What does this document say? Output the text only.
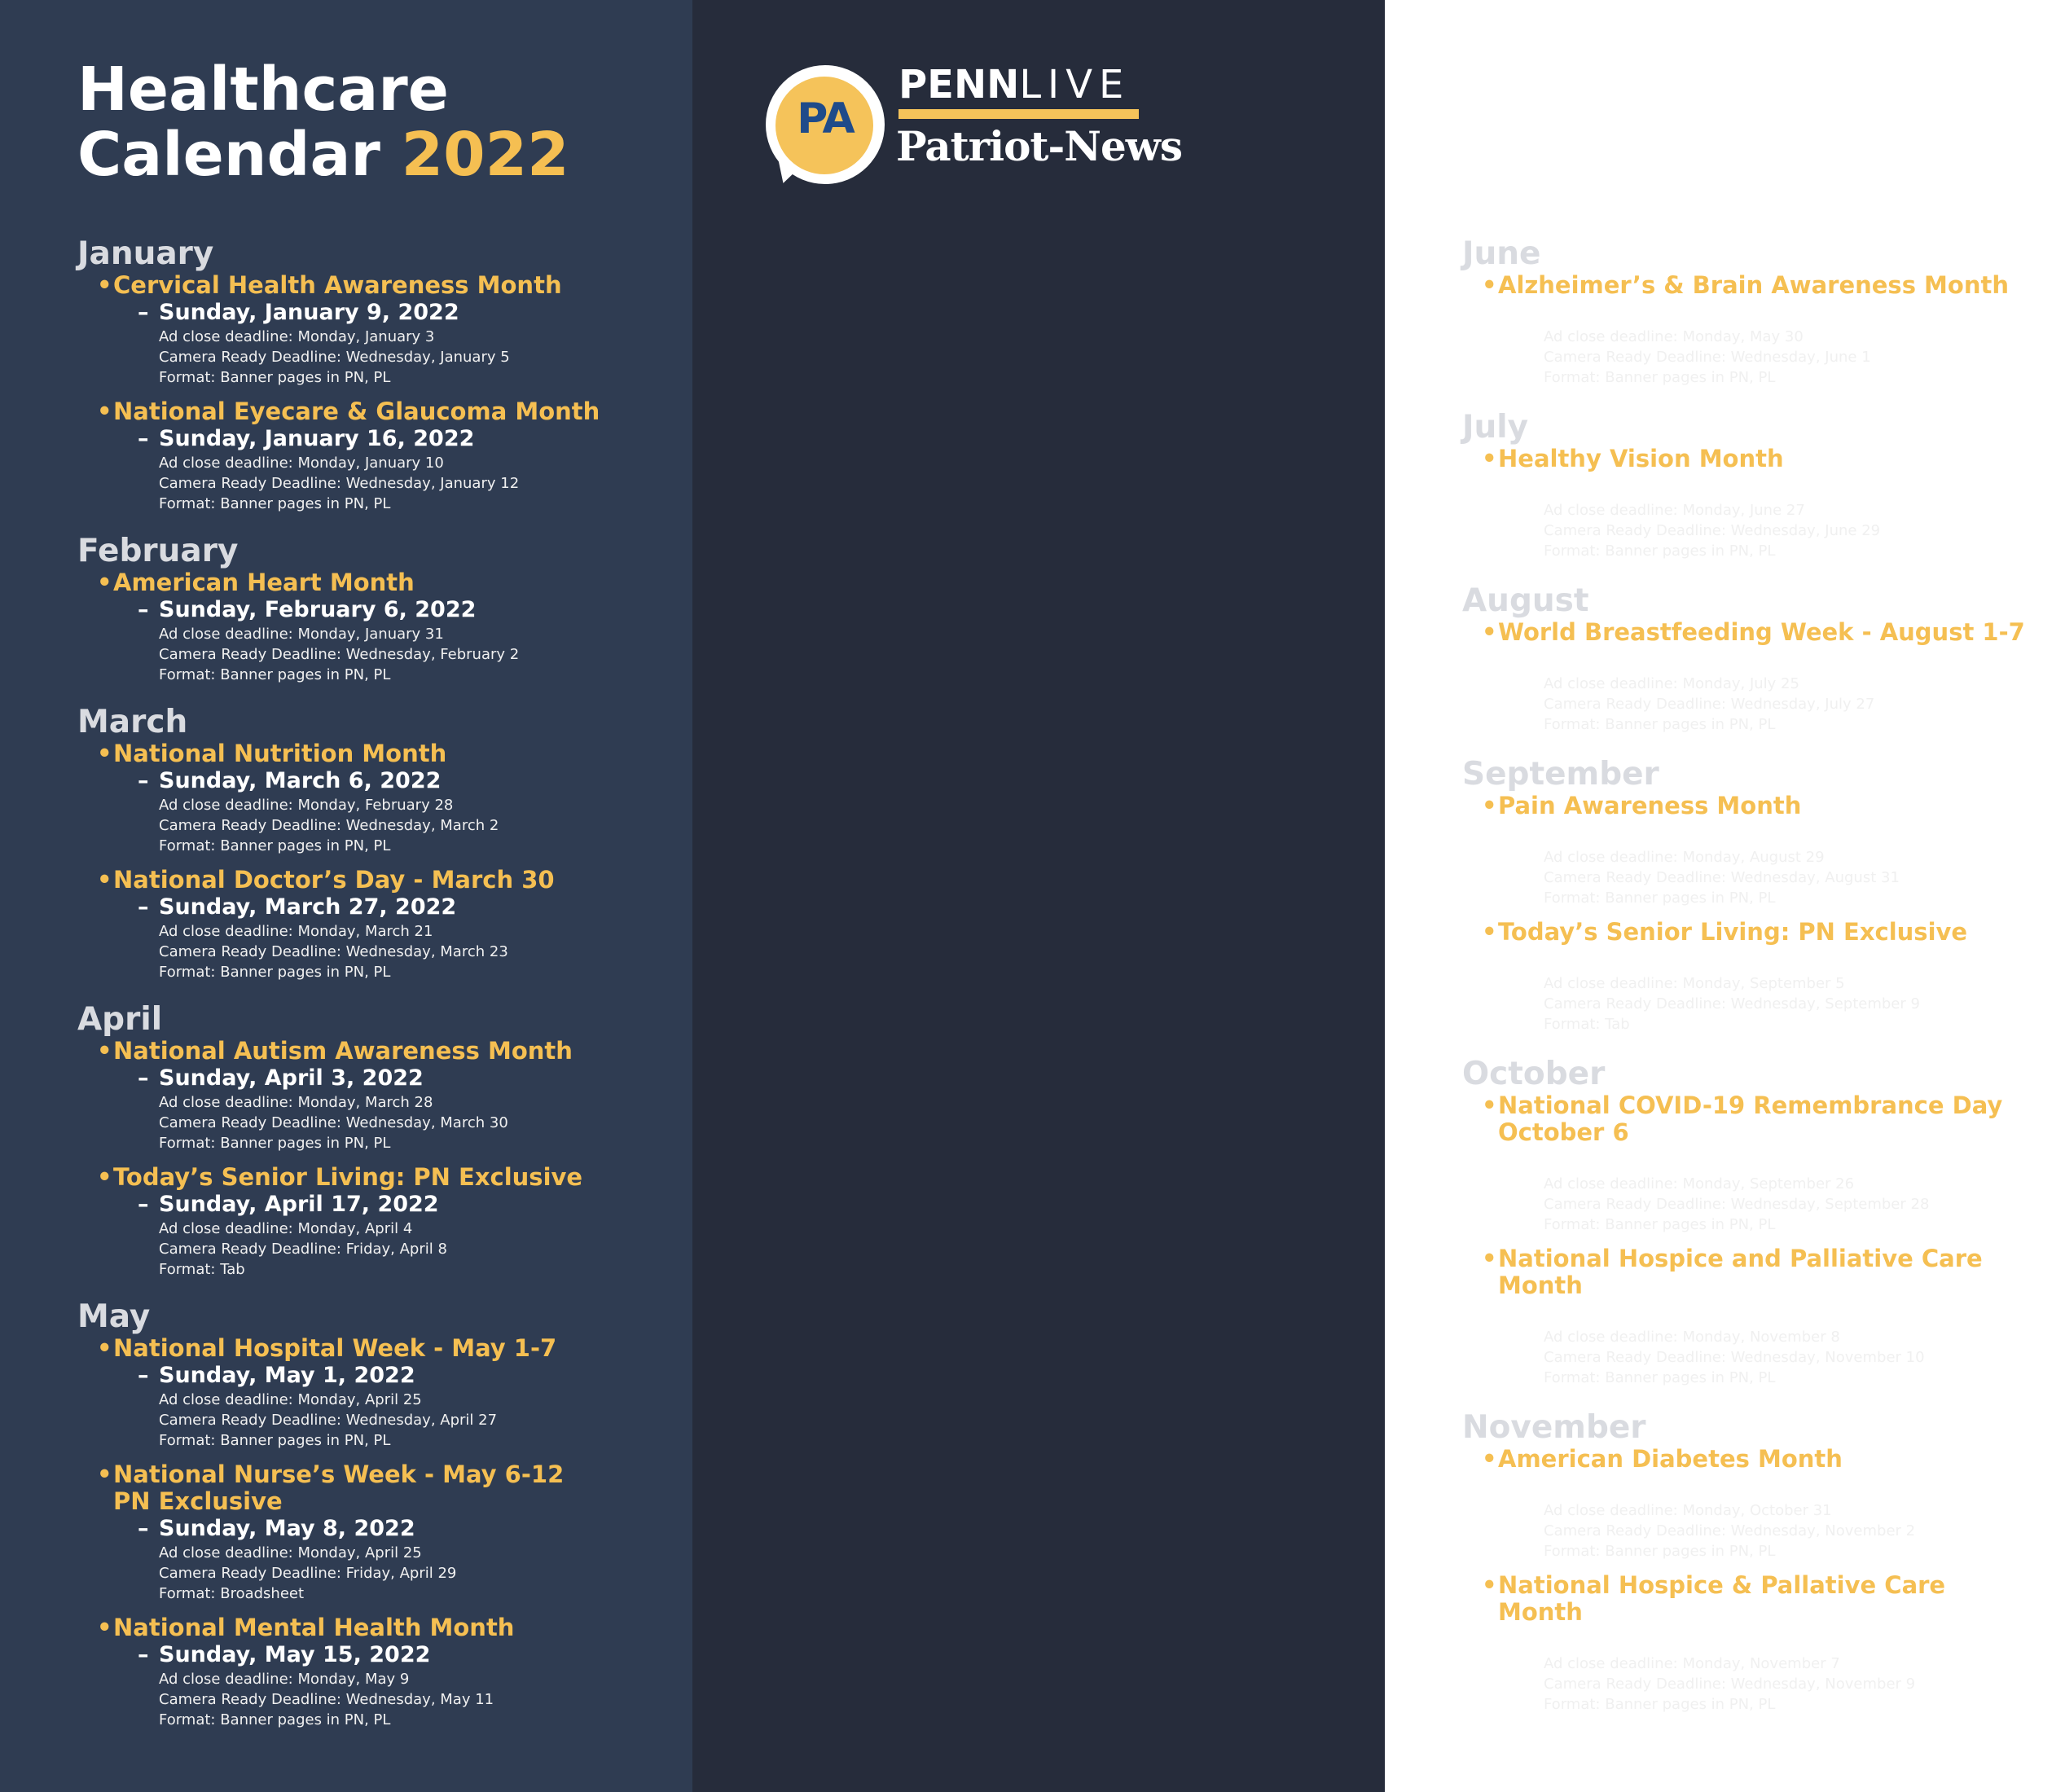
Healthcare
Calendar 2022
January
• Cervical Health Awareness Month
– Sunday, January 9, 2022
Ad close deadline: Monday, January 3
Camera Ready Deadline: Wednesday, January 5
Format: Banner pages in PN, PL
• National Eyecare & Glaucoma Month
– Sunday, January 16, 2022
Ad close deadline: Monday, January 10
Camera Ready Deadline: Wednesday, January 12
Format: Banner pages in PN, PL
February
• American Heart Month
– Sunday, February 6, 2022
Ad close deadline: Monday, January 31
Camera Ready Deadline: Wednesday, February 2
Format: Banner pages in PN, PL
March
• National Nutrition Month
– Sunday, March 6, 2022
Ad close deadline: Monday, February 28
Camera Ready Deadline: Wednesday, March 2
Format: Banner pages in PN, PL
• National Doctor’s Day - March 30
– Sunday, March 27, 2022
Ad close deadline: Monday, March 21
Camera Ready Deadline: Wednesday, March 23
Format: Banner pages in PN, PL
April
• National Autism Awareness Month
– Sunday, April 3, 2022
Ad close deadline: Monday, March 28
Camera Ready Deadline: Wednesday, March 30
Format: Banner pages in PN, PL
• Today’s Senior Living: PN Exclusive
– Sunday, April 17, 2022
Ad close deadline: Monday, April 4
Camera Ready Deadline: Friday, April 8
Format: Tab
May
• National Hospital Week - May 1-7
– Sunday, May 1, 2022
Ad close deadline: Monday, April 25
Camera Ready Deadline: Wednesday, April 27
Format: Banner pages in PN, PL
• National Nurse’s Week - May 6-12
PN Exclusive
– Sunday, May 8, 2022
Ad close deadline: Monday, April 25
Camera Ready Deadline: Friday, April 29
Format: Broadsheet
• National Mental Health Month
– Sunday, May 15, 2022
Ad close deadline: Monday, May 9
Camera Ready Deadline: Wednesday, May 11
Format: Banner pages in PN, PL
June
• Alzheimer’s & Brain Awareness Month
– Sunday, June 5, 2022
Ad close deadline: Monday, May 30
Camera Ready Deadline: Wednesday, June 1
Format: Banner pages in PN, PL
July
• Healthy Vision Month
– Sunday, July 3, 2022
Ad close deadline: Monday, June 27
Camera Ready Deadline: Wednesday, June 29
Format: Banner pages in PN, PL
August
• World Breastfeeding Week - August 1-7
– Sunday, July 31, 2022
Ad close deadline: Monday, July 25
Camera Ready Deadline: Wednesday, July 27
Format: Banner pages in PN, PL
September
• Pain Awareness Month
– Sunday, September 4, 2022
Ad close deadline: Monday, August 29
Camera Ready Deadline: Wednesday, August 31
Format: Banner pages in PN, PL
• Today’s Senior Living: PN Exclusive
– Sunday, September 14, 2022
Ad close deadline: Monday, September 5
Camera Ready Deadline: Wednesday, September 9
Format: Tab
October
• National COVID-19 Remembrance Day
October 6
– Sunday, October 2, 2022
Ad close deadline: Monday, September 26
Camera Ready Deadline: Wednesday, September 28
Format: Banner pages in PN, PL
• National Hospice and Palliative Care
Month
– Sunday, November 14, 2022
Ad close deadline: Monday, November 8
Camera Ready Deadline: Wednesday, November 10
Format: Banner pages in PN, PL
November
• American Diabetes Month
– Sunday, November 6, 2022
Ad close deadline: Monday, October 31
Camera Ready Deadline: Wednesday, November 2
Format: Banner pages in PN, PL
• National Hospice & Pallative Care
Month
– Sunday, November 13, 2022
Ad close deadline: Monday, November 7
Camera Ready Deadline: Wednesday, November 9
Format: Banner pages in PN, PL
PA
PENNLIVE
Patriot-News
